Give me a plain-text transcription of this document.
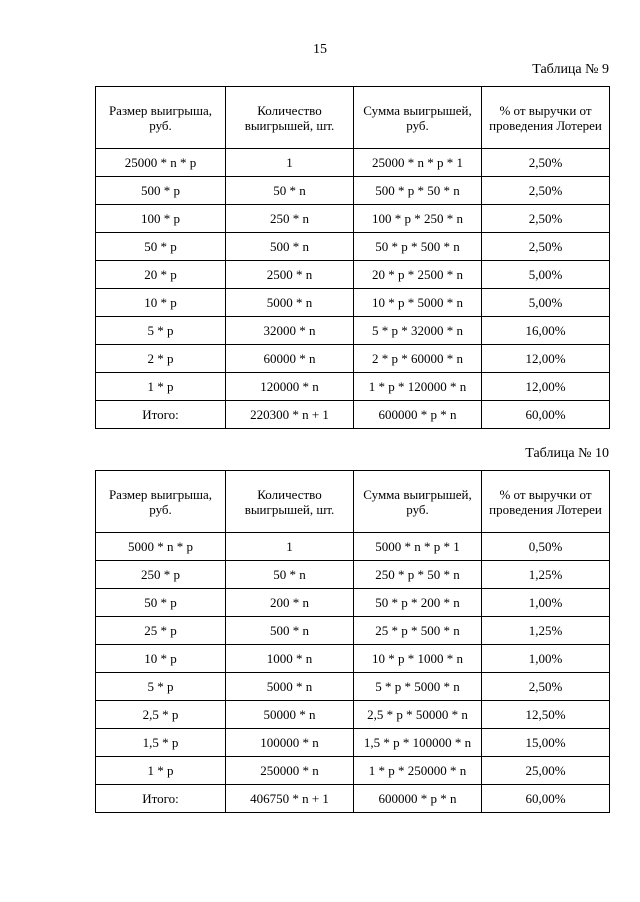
15
Таблица № 9
Размер выигрыша, руб.	Количество выигрышей, шт.	Сумма выигрышей, руб.	% от выручки от проведения Лотереи
25000 * n * p	1	25000 * n * p * 1	2,50%
500 * p	50 * n	500 * p * 50 * n	2,50%
100 * p	250 * n	100 * p * 250 * n	2,50%
50 * p	500 * n	50 * p * 500 * n	2,50%
20 * p	2500 * n	20 * p * 2500 * n	5,00%
10 * p	5000 * n	10 * p * 5000 * n	5,00%
5 * p	32000 * n	5 * p * 32000 * n	16,00%
2 * p	60000 * n	2 * p * 60000 * n	12,00%
1 * p	120000 * n	1 * p * 120000 * n	12,00%
Итого:	220300 * n + 1	600000 * p * n	60,00%
Таблица № 10
Размер выигрыша, руб.	Количество выигрышей, шт.	Сумма выигрышей, руб.	% от выручки от проведения Лотереи
5000 * n * p	1	5000 * n * p * 1	0,50%
250 * p	50 * n	250 * p * 50 * n	1,25%
50 * p	200 * n	50 * p * 200 * n	1,00%
25 * p	500 * n	25 * p * 500 * n	1,25%
10 * p	1000 * n	10 * p * 1000 * n	1,00%
5 * p	5000 * n	5 * p * 5000 * n	2,50%
2,5 * p	50000 * n	2,5 * p * 50000 * n	12,50%
1,5 * p	100000 * n	1,5 * p * 100000 * n	15,00%
1 * p	250000 * n	1 * p * 250000 * n	25,00%
Итого:	406750 * n + 1	600000 * p * n	60,00%
